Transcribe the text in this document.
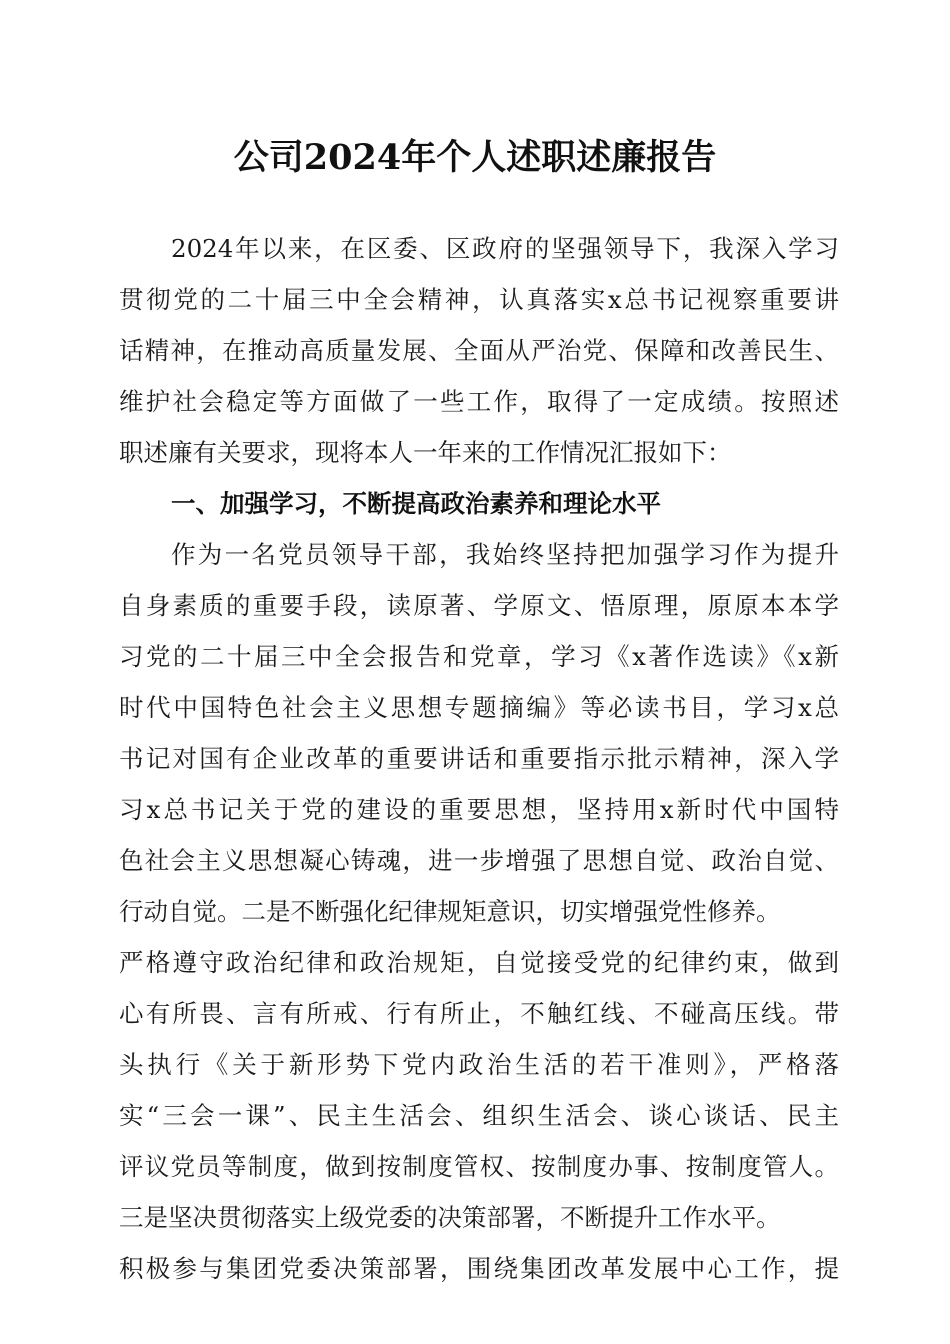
公司2024年个人述职述廉报告
2024年以来，在区委、区政府的坚强领导下，我深入学习
贯彻党的二十届三中全会精神，认真落实x总书记视察重要讲
话精神，在推动高质量发展、全面从严治党、保障和改善民生、
维护社会稳定等方面做了一些工作，取得了一定成绩。按照述
职述廉有关要求，现将本人一年来的工作情况汇报如下：
一、加强学习，不断提高政治素养和理论水平
作为一名党员领导干部，我始终坚持把加强学习作为提升
自身素质的重要手段，读原著、学原文、悟原理，原原本本学
习党的二十届三中全会报告和党章，学习《x著作选读》《x新
时代中国特色社会主义思想专题摘编》等必读书目，学习x总
书记对国有企业改革的重要讲话和重要指示批示精神，深入学
习x总书记关于党的建设的重要思想，坚持用x新时代中国特
色社会主义思想凝心铸魂，进一步增强了思想自觉、政治自觉、
行动自觉。二是不断强化纪律规矩意识，切实增强党性修养。
严格遵守政治纪律和政治规矩，自觉接受党的纪律约束，做到
心有所畏、言有所戒、行有所止，不触红线、不碰高压线。带
头执行《关于新形势下党内政治生活的若干准则》，严格落
实“三会一课”、民主生活会、组织生活会、谈心谈话、民主
评议党员等制度，做到按制度管权、按制度办事、按制度管人。
三是坚决贯彻落实上级党委的决策部署，不断提升工作水平。
积极参与集团党委决策部署，围绕集团改革发展中心工作，提
